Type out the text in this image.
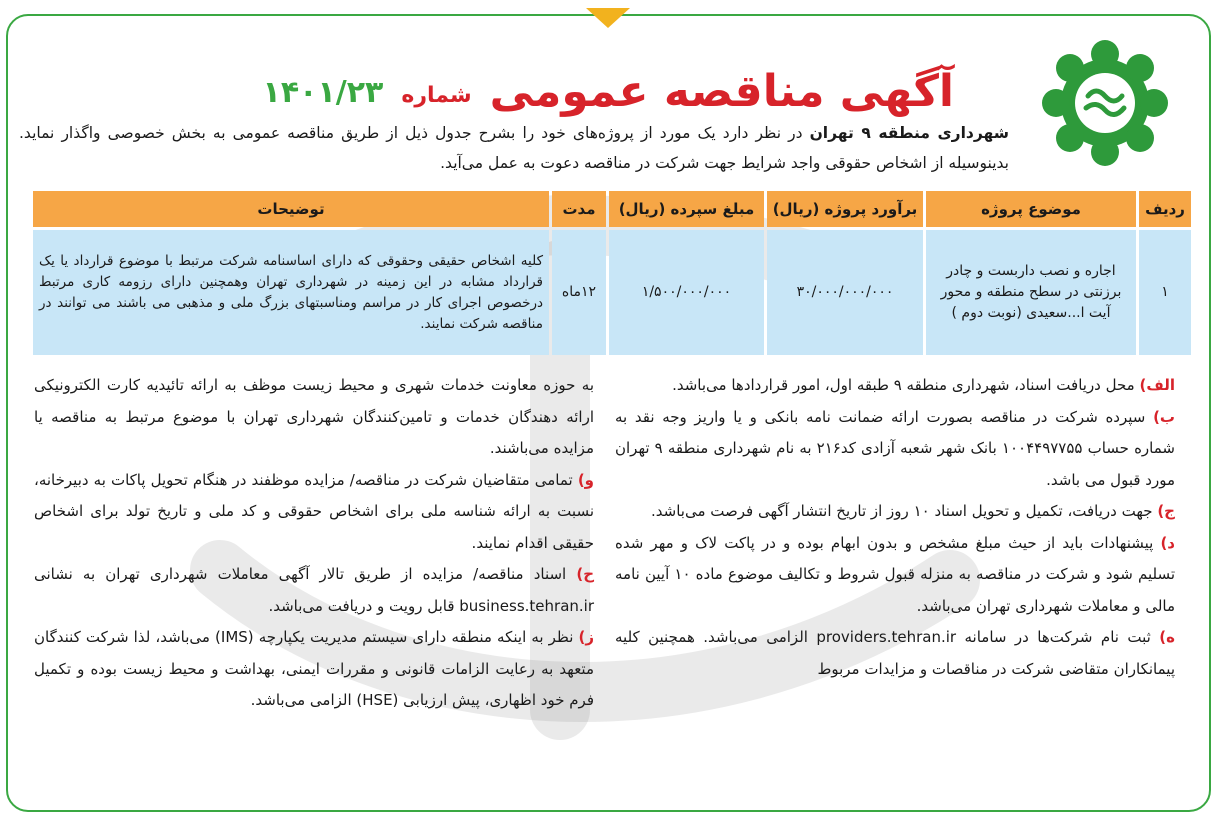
آگهی مناقصه عمومی
شماره
۱۴۰۱/۲۳
شهرداری منطقه ۹ تهران در نظر دارد یک مورد از پروژه‌های خود را بشرح جدول ذیل از طریق مناقصه عمومی به بخش خصوصی واگذار نماید. بدینوسیله از اشخاص حقوقی واجد شرایط جهت شرکت در مناقصه دعوت به عمل می‌آید.
ردیف	موضوع پروژه	برآورد پروژه (ریال)	مبلغ سپرده (ریال)	مدت	توضیحات
۱	اجاره و نصب داربست و چادر برزنتی در سطح منطقه و محور آیت ا...سعیدی (نوبت دوم )	۳۰/۰۰۰/۰۰۰/۰۰۰	۱/۵۰۰/۰۰۰/۰۰۰	۱۲ماه	کلیه اشخاص حقیقی وحقوقی که دارای اساسنامه شرکت مرتبط با موضوع قرارداد یا یک قرارداد مشابه در این زمینه در شهرداری تهران وهمچنین دارای رزومه کاری مرتبط درخصوص اجرای کار در مراسم ومناسبتهای بزرگ ملی و مذهبی می باشند می توانند در مناقصه شرکت نمایند.

الف) محل دریافت اسناد، شهرداری منطقه ۹ طبقه اول، امور قراردادها می‌باشد.

ب) سپرده شرکت در مناقصه بصورت ارائه ضمانت نامه بانکی و یا واریز وجه نقد به شماره حساب ۱۰۰۴۴۹۷۷۵۵ بانک شهر شعبه آزادی کد۲۱۶ به نام شهرداری منطقه ۹ تهران مورد قبول می باشد.

ج) جهت دریافت، تکمیل و تحویل اسناد ۱۰ روز از تاریخ انتشار آگهی فرصت می‌باشد.

د) پیشنهادات باید از حیث مبلغ مشخص و بدون ابهام بوده و در پاکت لاک و مهر شده تسلیم شود و شرکت در مناقصه به منزله قبول شروط و تکالیف موضوع ماده ۱۰ آیین نامه مالی و معاملات شهرداری تهران می‌باشد.

ه) ثبت نام شرکت‌ها در سامانه providers.tehran.ir الزامی می‌باشد. همچنین کلیه پیمانکاران متقاضی شرکت در مناقصات و مزایدات مربوط

به حوزه معاونت خدمات شهری و محیط زیست موظف به ارائه تائیدیه کارت الکترونیکی ارائه دهندگان خدمات و تامین‌کنندگان شهرداری تهران با موضوع مرتبط به مناقصه یا مزایده می‌باشند.

و) تمامی متقاضیان شرکت در مناقصه/ مزایده موظفند در هنگام تحویل پاکات به دبیرخانه، نسبت به ارائه شناسه ملی برای اشخاص حقوقی و کد ملی و تاریخ تولد برای اشخاص حقیقی اقدام نمایند.

ح) اسناد مناقصه/ مزایده از طریق تالار آگهی معاملات شهرداری تهران به نشانی business.tehran.ir قابل رویت و دریافت می‌باشد.

ز) نظر به اینکه منطقه دارای سیستم مدیریت یکپارچه (IMS) می‌باشد، لذا شرکت کنندگان متعهد به رعایت الزامات قانونی و مقررات ایمنی، بهداشت و محیط زیست بوده و تکمیل فرم خود اظهاری، پیش ارزیابی (HSE) الزامی می‌باشد.
